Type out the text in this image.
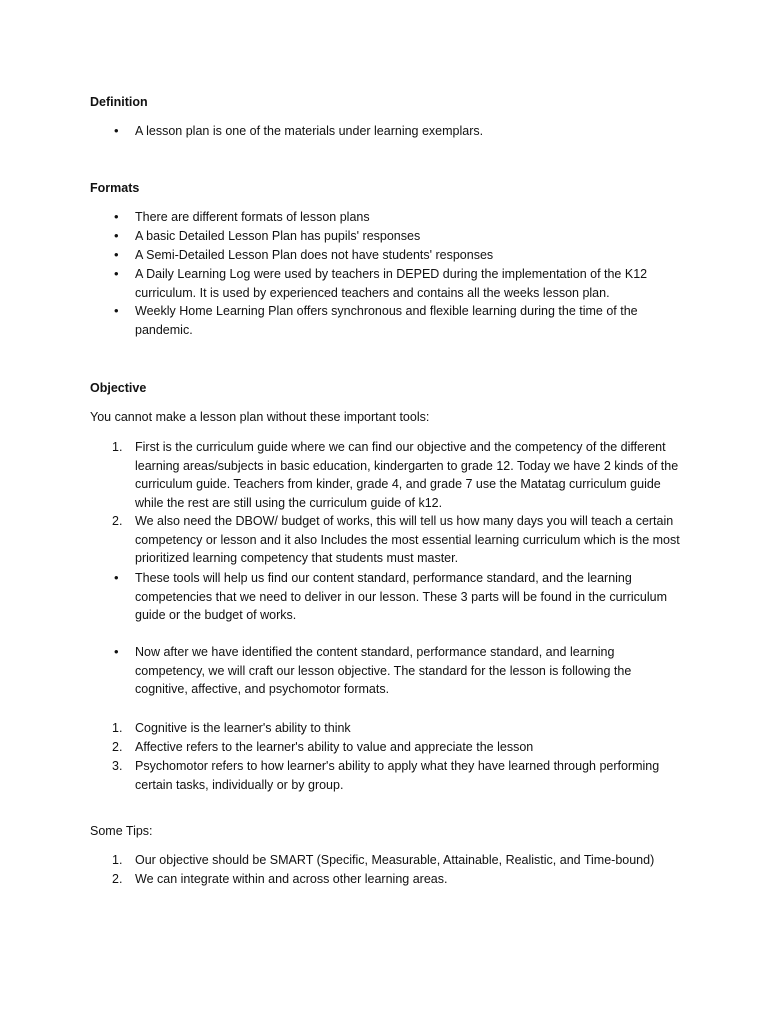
Definition

•	A lesson plan is one of the materials under learning exemplars.

Formats

•	There are different formats of lesson plans
•	A basic Detailed Lesson Plan has pupils' responses
•	A Semi-Detailed Lesson Plan does not have students' responses
•	A Daily Learning Log were used by teachers in DEPED during the implementation of the K12 curriculum. It is used by experienced teachers and contains all the weeks lesson plan.
•	Weekly Home Learning Plan offers synchronous and flexible learning during the time of the pandemic.

Objective

You cannot make a lesson plan without these important tools:

1.	First is the curriculum guide where we can find our objective and the competency of the different learning areas/subjects in basic education, kindergarten to grade 12. Today we have 2 kinds of the curriculum guide. Teachers from kinder, grade 4, and grade 7 use the Matatag curriculum guide while the rest are still using the curriculum guide of k12.
2.	We also need the DBOW/ budget of works, this will tell us how many days you will teach a certain competency or lesson and it also Includes the most essential learning curriculum which is the most prioritized learning competency that students must master.
•	These tools will help us find our content standard, performance standard, and the learning competencies that we need to deliver in our lesson. These 3 parts will be found in the curriculum guide or the budget of works.
•	Now after we have identified the content standard, performance standard, and learning competency, we will craft our lesson objective. The standard for the lesson is following the cognitive, affective, and psychomotor formats.
1.	Cognitive is the learner's ability to think
2.	Affective refers to the learner's ability to value and appreciate the lesson
3.	Psychomotor refers to how learner's ability to apply what they have learned through performing certain tasks, individually or by group.

Some Tips:

1.	Our objective should be SMART (Specific, Measurable, Attainable, Realistic, and Time-bound)
2.	We can integrate within and across other learning areas.
